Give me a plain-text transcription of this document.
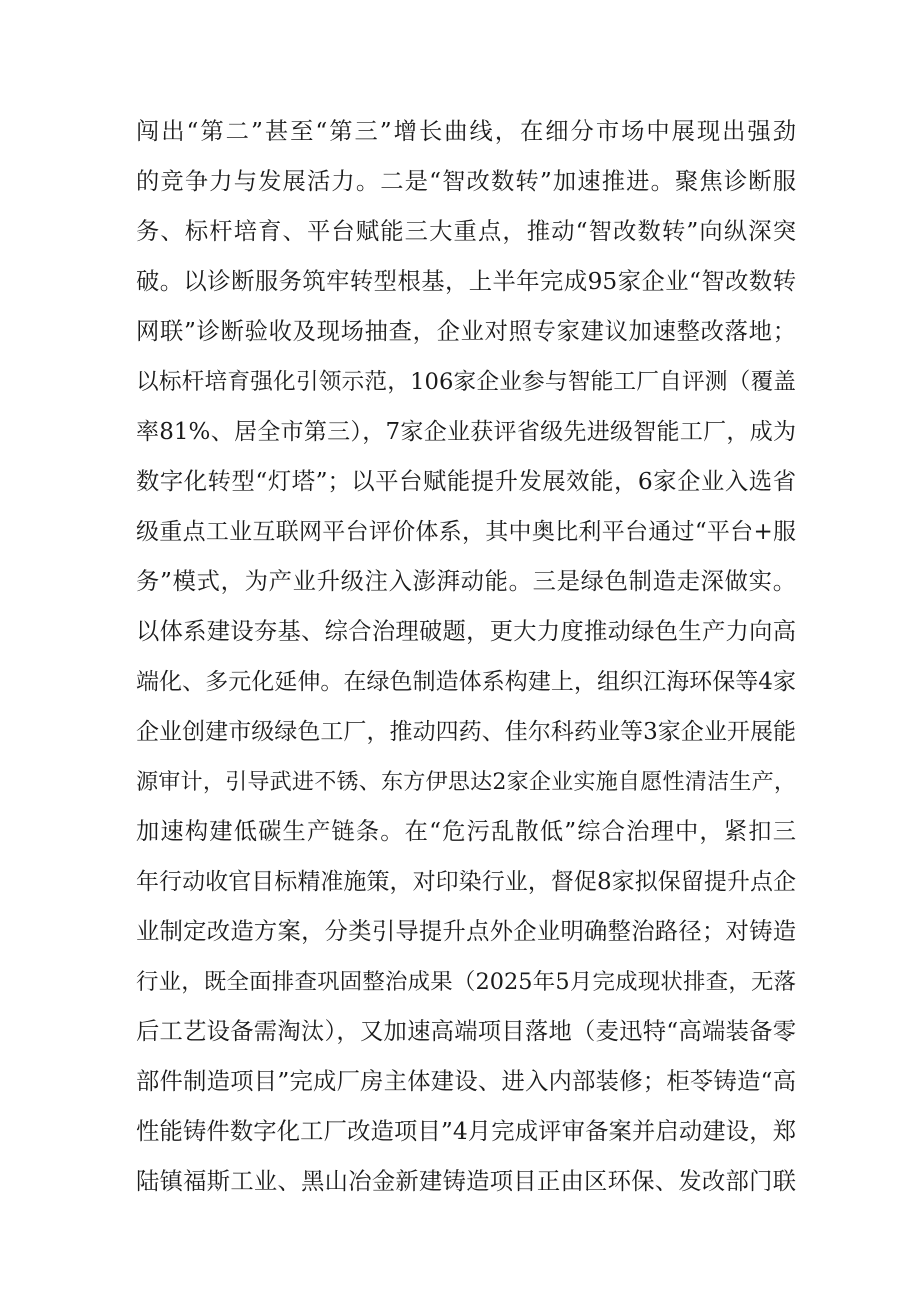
闯出“第二”甚至“第三”增长曲线，在细分市场中展现出强劲
的竞争力与发展活力。二是“智改数转”加速推进。聚焦诊断服
务、标杆培育、平台赋能三大重点，推动“智改数转”向纵深突
破。以诊断服务筑牢转型根基，上半年完成95家企业“智改数转
网联”诊断验收及现场抽查，企业对照专家建议加速整改落地；
以标杆培育强化引领示范，106家企业参与智能工厂自评测（覆盖
率81%、居全市第三），7家企业获评省级先进级智能工厂，成为
数字化转型“灯塔”；以平台赋能提升发展效能，6家企业入选省
级重点工业互联网平台评价体系，其中奥比利平台通过“平台+服
务”模式，为产业升级注入澎湃动能。三是绿色制造走深做实。
以体系建设夯基、综合治理破题，更大力度推动绿色生产力向高
端化、多元化延伸。在绿色制造体系构建上，组织江海环保等4家
企业创建市级绿色工厂，推动四药、佳尔科药业等3家企业开展能
源审计，引导武进不锈、东方伊思达2家企业实施自愿性清洁生产，
加速构建低碳生产链条。在“危污乱散低”综合治理中，紧扣三
年行动收官目标精准施策，对印染行业，督促8家拟保留提升点企
业制定改造方案，分类引导提升点外企业明确整治路径；对铸造
行业，既全面排查巩固整治成果（2025年5月完成现状排查，无落
后工艺设备需淘汰），又加速高端项目落地（麦迅特“高端装备零
部件制造项目”完成厂房主体建设、进入内部装修；柜苓铸造“高
性能铸件数字化工厂改造项目”4月完成评审备案并启动建设，郑
陆镇福斯工业、黑山冶金新建铸造项目正由区环保、发改部门联
